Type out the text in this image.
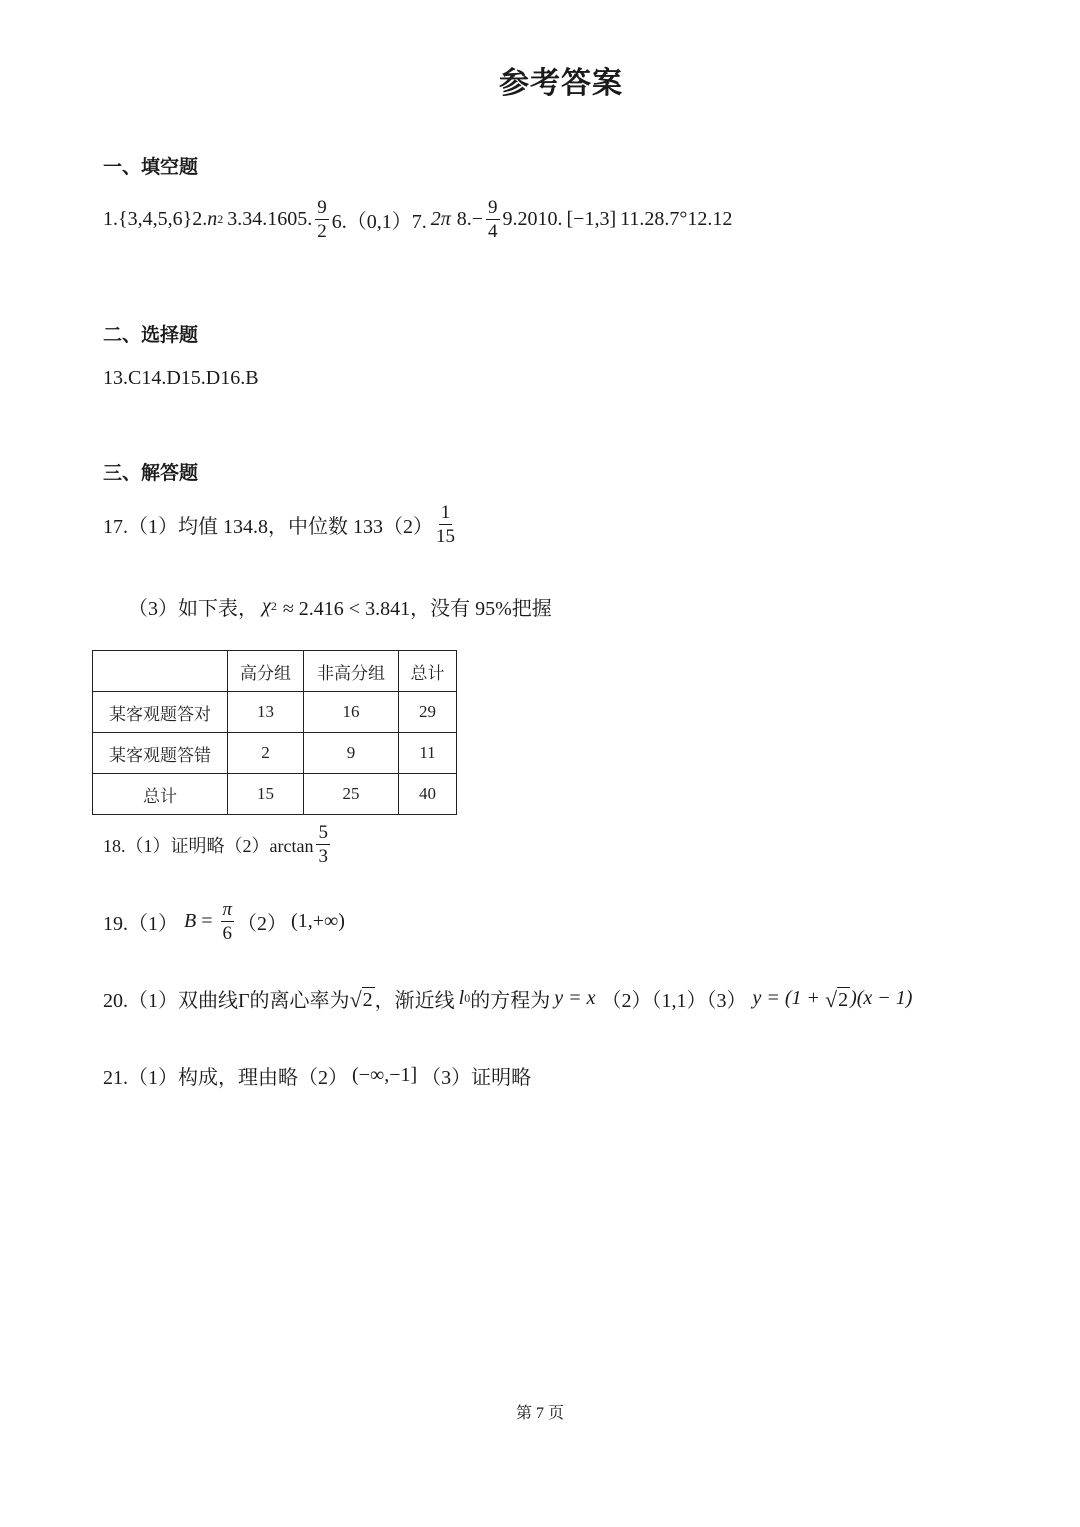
参考答案
一、填空题
1. {3,4,5,6} 2. n 2 3.34.1605. $\frac{9}{2} 6.(0,1)7$. 2π 8. − $\frac{9}{4} 9.2010$. [−1,3] 11.28.7°12.12
二、选择题
13.C14.D15.D16.B
三、解答题
17.（1）均值 134.8，中位数 $133(2) \frac{1}{15}$
（3）如下表， χ 2 ≈ 2.416 < 3.841，没有 95%把握
	高分组	非高分组	总计
某客观题答对	13	16	29
某客观题答错	2	9	11
总计	15	25	40
18.（1）证明略$(2)\arctan \frac{5}{3}$
19.（1） $B = \frac{\pi}{6} (2)$ (1,+∞)
20.（1）双曲线Γ的离心率为 √ 2 ，渐近线 l 0 的方程为 y = x （2）（1,1）（3） y = (1 + √ 2 )(x − 1)
21.（1）构成，理由略（2） (−∞,−1] （3）证明略
第 7 页
